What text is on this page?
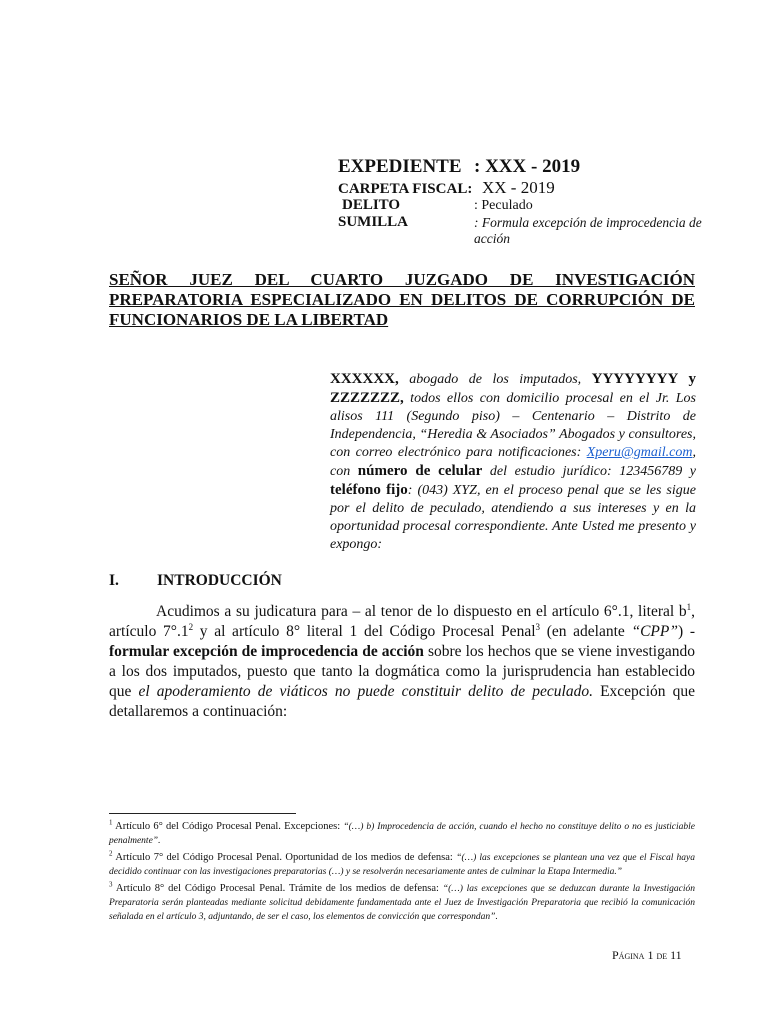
EXPEDIENTE : XXX - 2019
CARPETA FISCAL: XX - 2019
DELITO	: Peculado
SUMILLA	: Formula excepción de improcedencia de
acción
SEÑOR JUEZ DEL CUARTO JUZGADO DE INVESTIGACIÓN
PREPARATORIA ESPECIALIZADO EN DELITOS DE CORRUPCIÓN DE
FUNCIONARIOS DE LA LIBERTAD
XXXXXX, abogado de los imputados, YYYYYYYY y ZZZZZZZ, todos ellos con domicilio procesal en el Jr. Los alisos 111 (Segundo piso) – Centenario – Distrito de Independencia, “Heredia & Asociados” Abogados y consultores, con correo electrónico para notificaciones: Xperu@gmail.com, con número de celular del estudio jurídico: 123456789 y teléfono fijo: (043) XYZ, en el proceso penal que se les sigue por el delito de peculado, atendiendo a sus intereses y en la oportunidad procesal correspondiente. Ante Usted me presento y expongo:
I. INTRODUCCIÓN
Acudimos a su judicatura para – al tenor de lo dispuesto en el artículo 6°.1, literal $b^1$, artículo $7^\circ.1^2$ y al artículo 8° literal 1 del Código Procesal Penal$^3$ (en adelante “CPP”) - formular excepción de improcedencia de acción sobre los hechos que se viene investigando a los dos imputados, puesto que tanto la dogmática como la jurisprudencia han establecido que el apoderamiento de viáticos no puede constituir delito de peculado. Excepción que detallaremos a continuación:

$^1$ Artículo 6° del Código Procesal Penal. Excepciones: “(…) b) Improcedencia de acción, cuando el hecho no constituye delito o no es justiciable penalmente”.

$^2$ Artículo 7° del Código Procesal Penal. Oportunidad de los medios de defensa: “(…) las excepciones se plantean una vez que el Fiscal haya decidido continuar con las investigaciones preparatorias (…) y se resolverán necesariamente antes de culminar la Etapa Intermedia.”

$^3$ Artículo 8° del Código Procesal Penal. Trámite de los medios de defensa: “(…) las excepciones que se deduzcan durante la Investigación Preparatoria serán planteadas mediante solicitud debidamente fundamentada ante el Juez de Investigación Preparatoria que recibió la comunicación señalada en el artículo 3, adjuntando, de ser el caso, los elementos de convicción que correspondan”.

Página 1 de 11
